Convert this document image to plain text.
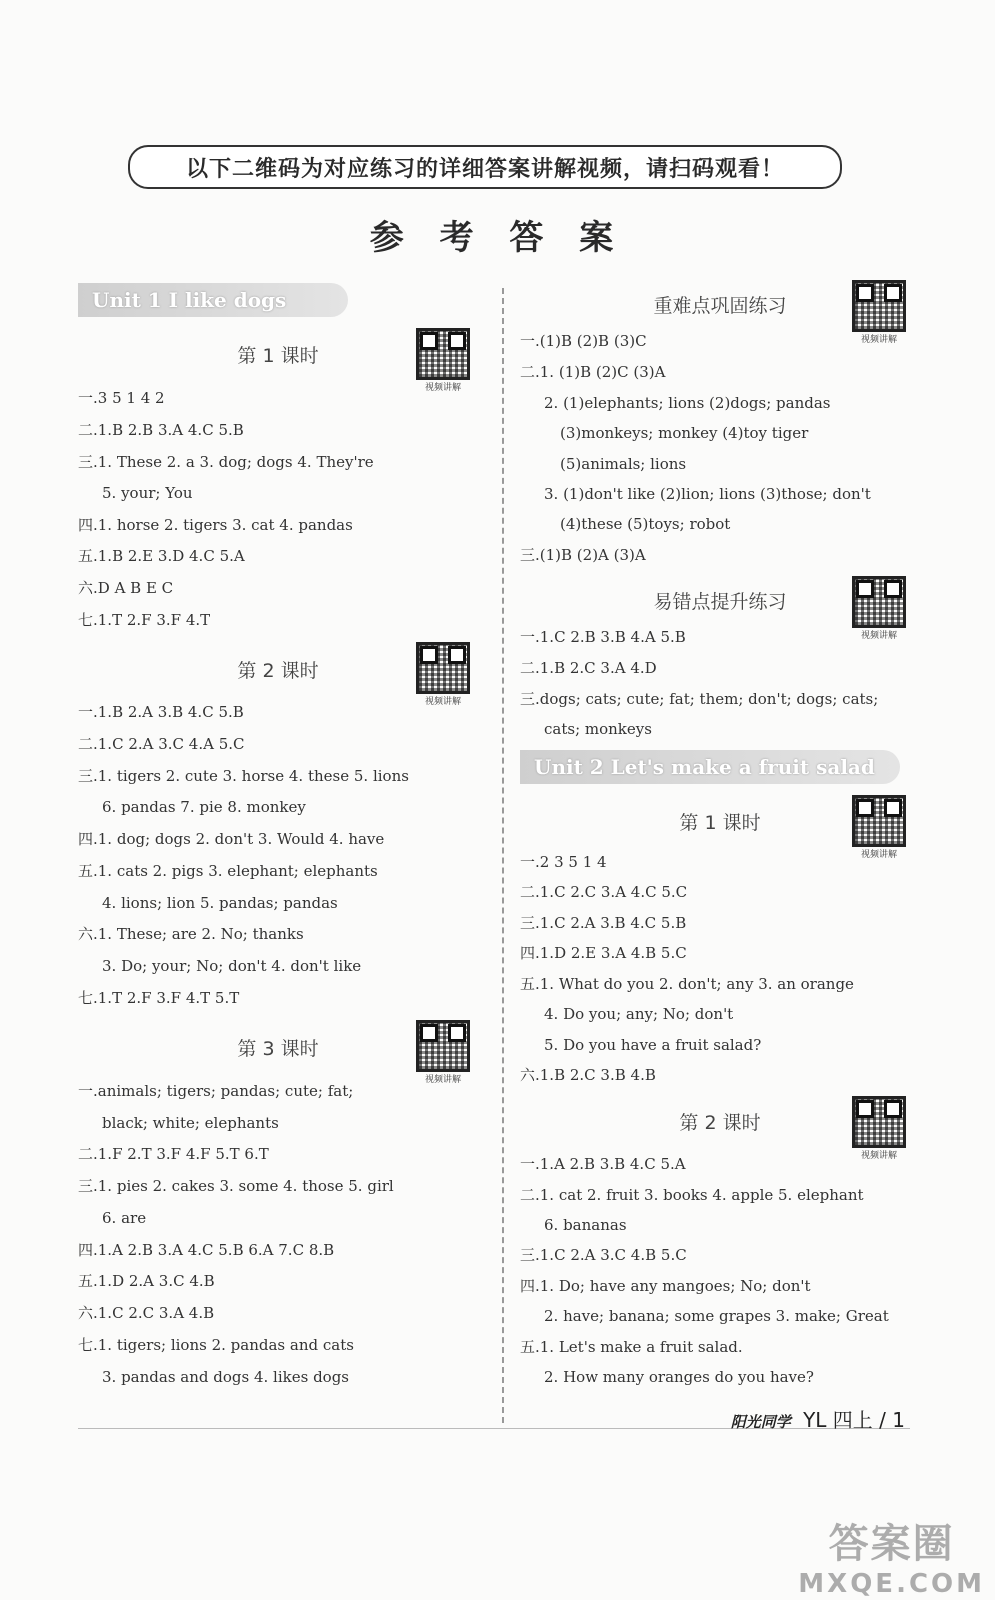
以下二维码为对应练习的详细答案讲解视频，请扫码观看！
参 考 答 案
Unit 1 I like dogs
第 1 课时
视频讲解
一.3 5 1 4 2
二.1.B 2.B 3.A 4.C 5.B
三.1. These 2. a 3. dog; dogs 4. They're
5. your; You
四.1. horse 2. tigers 3. cat 4. pandas
五.1.B 2.E 3.D 4.C 5.A
六.D A B E C
七.1.T 2.F 3.F 4.T
第 2 课时
视频讲解
一.1.B 2.A 3.B 4.C 5.B
二.1.C 2.A 3.C 4.A 5.C
三.1. tigers 2. cute 3. horse 4. these 5. lions
6. pandas 7. pie 8. monkey
四.1. dog; dogs 2. don't 3. Would 4. have
五.1. cats 2. pigs 3. elephant; elephants
4. lions; lion 5. pandas; pandas
六.1. These; are 2. No; thanks
3. Do; your; No; don't 4. don't like
七.1.T 2.F 3.F 4.T 5.T
第 3 课时
视频讲解
一.animals; tigers; pandas; cute; fat;
black; white; elephants
二.1.F 2.T 3.F 4.F 5.T 6.T
三.1. pies 2. cakes 3. some 4. those 5. girl
6. are
四.1.A 2.B 3.A 4.C 5.B 6.A 7.C 8.B
五.1.D 2.A 3.C 4.B
六.1.C 2.C 3.A 4.B
七.1. tigers; lions 2. pandas and cats
3. pandas and dogs 4. likes dogs
重难点巩固练习
视频讲解
一.(1)B (2)B (3)C
二.1. (1)B (2)C (3)A
2. (1)elephants; lions (2)dogs; pandas
(3)monkeys; monkey (4)toy tiger
(5)animals; lions
3. (1)don't like (2)lion; lions (3)those; don't
(4)these (5)toys; robot
三.(1)B (2)A (3)A
易错点提升练习
视频讲解
一.1.C 2.B 3.B 4.A 5.B
二.1.B 2.C 3.A 4.D
三.dogs; cats; cute; fat; them; don't; dogs; cats;
cats; monkeys
Unit 2 Let's make a fruit salad
第 1 课时
视频讲解
一.2 3 5 1 4
二.1.C 2.C 3.A 4.C 5.C
三.1.C 2.A 3.B 4.C 5.B
四.1.D 2.E 3.A 4.B 5.C
五.1. What do you 2. don't; any 3. an orange
4. Do you; any; No; don't
5. Do you have a fruit salad?
六.1.B 2.C 3.B 4.B
第 2 课时
视频讲解
一.1.A 2.B 3.B 4.C 5.A
二.1. cat 2. fruit 3. books 4. apple 5. elephant
6. bananas
三.1.C 2.A 3.C 4.B 5.C
四.1. Do; have any mangoes; No; don't
2. have; banana; some grapes 3. make; Great
五.1. Let's make a fruit salad.
2. How many oranges do you have?
阳光同学 YL 四上 / 1
答案圈
MXQE.COM
